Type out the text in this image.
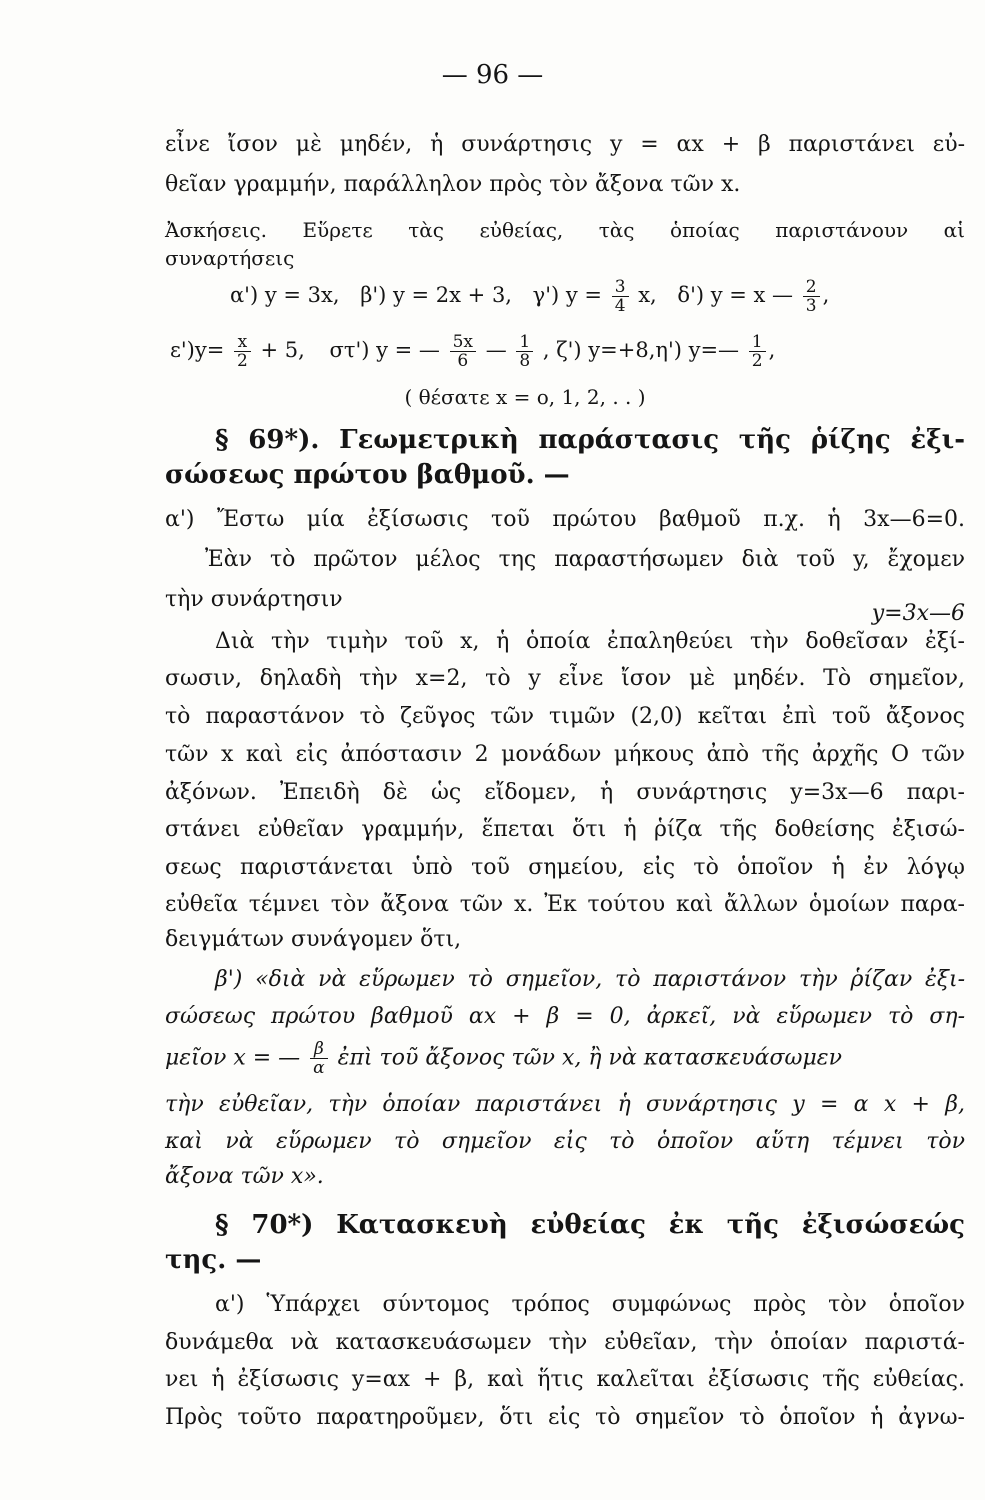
— 96 —
εἶνε ἴσον μὲ μηδέν, ἡ συνάρτησις y = αx + β παριστάνει εὐ-
θεῖαν γραμμήν, παράλληλον πρὸς τὸν ἄξονα τῶν x.
Ἀσκήσεις. Εὕρετε τὰς εὐθείας, τὰς ὁποίας παριστάνουν αἱ
συναρτήσεις
α') y = 3x, β') y = 2x + 3, γ') $y = \frac{3}{4} x$, δ') y = x — $\frac{2}{3}$ ,
$\varepsilon')y= \frac{x}{2} + 5$, στ') y = — $\frac{5x}{6}$ — $\frac{1}{8}$ , ζ') y=+8,η') y=— $\frac{1}{2}$ ,
( θέσατε x = o, 1, 2, . . )
§ 69*). Γεωμετρικὴ παράστασις τῆς ῥίζης ἐξι-
σώσεως πρώτου βαθμοῦ. —
α') Ἔστω μία ἐξίσωσις τοῦ πρώτου βαθμοῦ π.χ. ἡ 3x—6=0.
Ἐὰν τὸ πρῶτον μέλος της παραστήσωμεν διὰ τοῦ y, ἔχομεν
τὴν συνάρτησιν
y=3x—6
Διὰ τὴν τιμὴν τοῦ x, ἡ ὁποία ἐπαληθεύει τὴν δοθεῖσαν ἐξί-
σωσιν, δηλαδὴ τὴν x=2, τὸ y εἶνε ἴσον μὲ μηδέν. Τὸ σημεῖον,
τὸ παραστάνον τὸ ζεῦγος τῶν τιμῶν (2,0) κεῖται ἐπὶ τοῦ ἄξονος
τῶν x καὶ εἰς ἀπόστασιν 2 μονάδων μήκους ἀπὸ τῆς ἀρχῆς O τῶν
ἀξόνων. Ἐπειδὴ δὲ ὡς εἴδομεν, ἡ συνάρτησις y=3x—6 παρι-
στάνει εὐθεῖαν γραμμήν, ἕπεται ὅτι ἡ ῥίζα τῆς δοθείσης ἐξισώ-
σεως παριστάνεται ὑπὸ τοῦ σημείου, εἰς τὸ ὁποῖον ἡ ἐν λόγῳ
εὐθεῖα τέμνει τὸν ἄξονα τῶν x. Ἐκ τούτου καὶ ἄλλων ὁμοίων παρα-
δειγμάτων συνάγομεν ὅτι,
β') «διὰ νὰ εὕρωμεν τὸ σημεῖον, τὸ παριστάνον τὴν ῥίζαν ἐξι-
σώσεως πρώτου βαθμοῦ αx + β = 0, ἀρκεῖ, νὰ εὕρωμεν τὸ ση-
μεῖον x = — $\frac{\beta}{\alpha}$ ἐπὶ τοῦ ἄξονος τῶν x, ἢ νὰ κατασκευάσωμεν
τὴν εὐθεῖαν, τὴν ὁποίαν παριστάνει ἡ συνάρτησις y = α x + β,
καὶ νὰ εὕρωμεν τὸ σημεῖον εἰς τὸ ὁποῖον αὕτη τέμνει τὸν
ἄξονα τῶν x».
§ 70*) Κατασκευὴ εὐθείας ἐκ τῆς ἐξισώσεώς
της. —
α') Ὑπάρχει σύντομος τρόπος συμφώνως πρὸς τὸν ὁποῖον
δυνάμεθα νὰ κατασκευάσωμεν τὴν εὐθεῖαν, τὴν ὁποίαν παριστά-
νει ἡ ἐξίσωσις y=αx + β, καὶ ἥτις καλεῖται ἐξίσωσις τῆς εὐθείας.
Πρὸς τοῦτο παρατηροῦμεν, ὅτι εἰς τὸ σημεῖον τὸ ὁποῖον ἡ ἀγνω-
